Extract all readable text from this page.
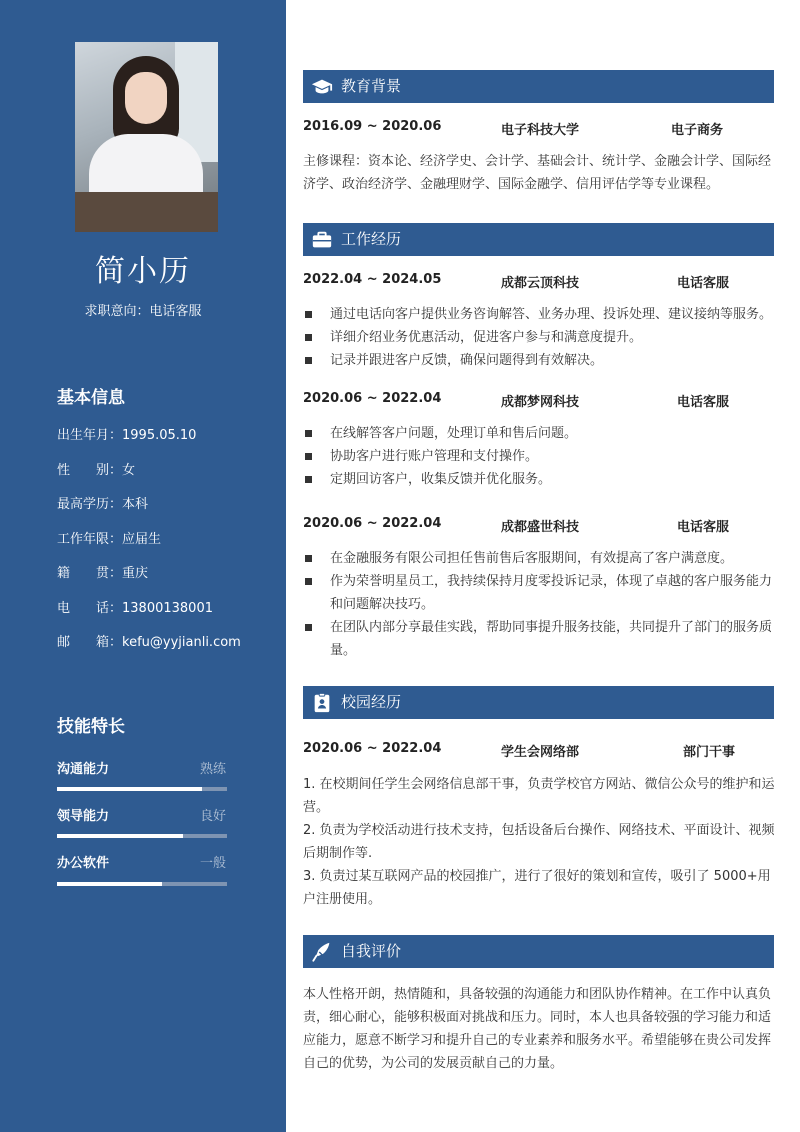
简小历
求职意向：电话客服
基本信息
出生年月：1995.05.10
性　　别：女
最高学历：本科
工作年限：应届生
籍　　贯：重庆
电　　话：13800138001
邮　　箱：kefu@yyjianli.com
技能特长
沟通能力	熟练
领导能力	良好
办公软件	一般
教育背景
2016.09 ~ 2020.06	电子科技大学	电子商务
主修课程：资本论、经济学史、会计学、基础会计、统计学、金融会计学、国际经济学、政治经济学、金融理财学、国际金融学、信用评估学等专业课程。
工作经历
2022.04 ~ 2024.05	成都云顶科技	电话客服
通过电话向客户提供业务咨询解答、业务办理、投诉处理、建议接纳等服务。
详细介绍业务优惠活动，促进客户参与和满意度提升。
记录并跟进客户反馈，确保问题得到有效解决。
2020.06 ~ 2022.04	成都梦网科技	电话客服
在线解答客户问题，处理订单和售后问题。
协助客户进行账户管理和支付操作。
定期回访客户，收集反馈并优化服务。
2020.06 ~ 2022.04	成都盛世科技	电话客服
在金融服务有限公司担任售前售后客服期间，有效提高了客户满意度。
作为荣誉明星员工，我持续保持月度零投诉记录，体现了卓越的客户服务能力和问题解决技巧。
在团队内部分享最佳实践，帮助同事提升服务技能，共同提升了部门的服务质量。
校园经历
2020.06 ~ 2022.04	学生会网络部	部门干事
1. 在校期间任学生会网络信息部干事，负责学校官方网站、微信公众号的维护和运营。
2. 负责为学校活动进行技术支持，包括设备后台操作、网络技术、平面设计、视频后期制作等.
3. 负责过某互联网产品的校园推广，进行了很好的策划和宣传，吸引了 5000+用户注册使用。
自我评价
本人性格开朗，热情随和，具备较强的沟通能力和团队协作精神。在工作中认真负责，细心耐心，能够积极面对挑战和压力。同时，本人也具备较强的学习能力和适应能力，愿意不断学习和提升自己的专业素养和服务水平。希望能够在贵公司发挥自己的优势，为公司的发展贡献自己的力量。
